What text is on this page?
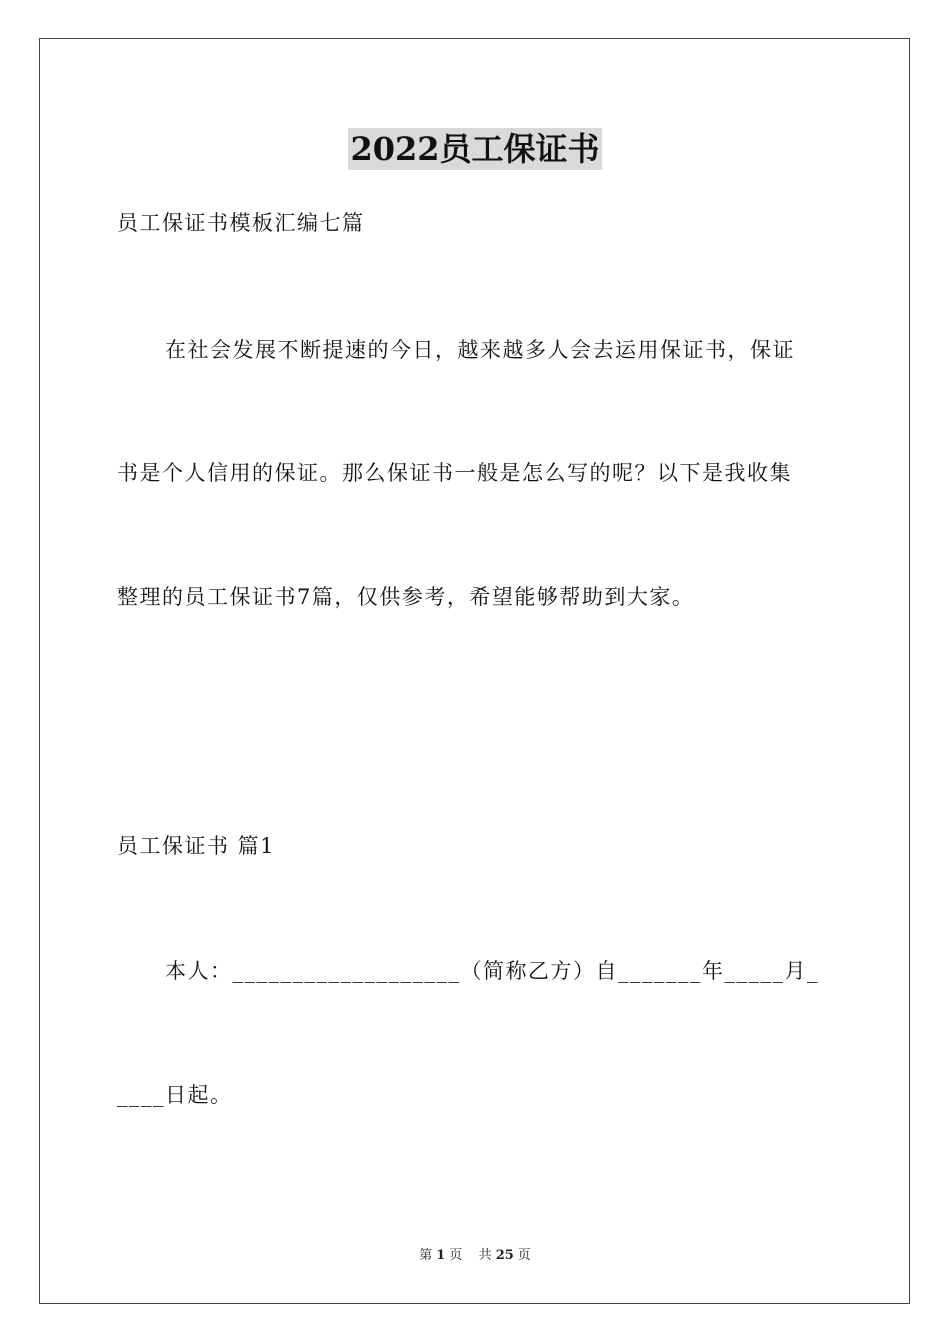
2022员工保证书
员工保证书模板汇编七篇
在社会发展不断提速的今日，越来越多人会去运用保证书，保证
书是个人信用的保证。那么保证书一般是怎么写的呢？以下是我收集
整理的员工保证书7篇，仅供参考，希望能够帮助到大家。
员工保证书 篇1
本人：___________________（简称乙方）自_______年_____月_
____日起。
第 1 页 共 25 页
